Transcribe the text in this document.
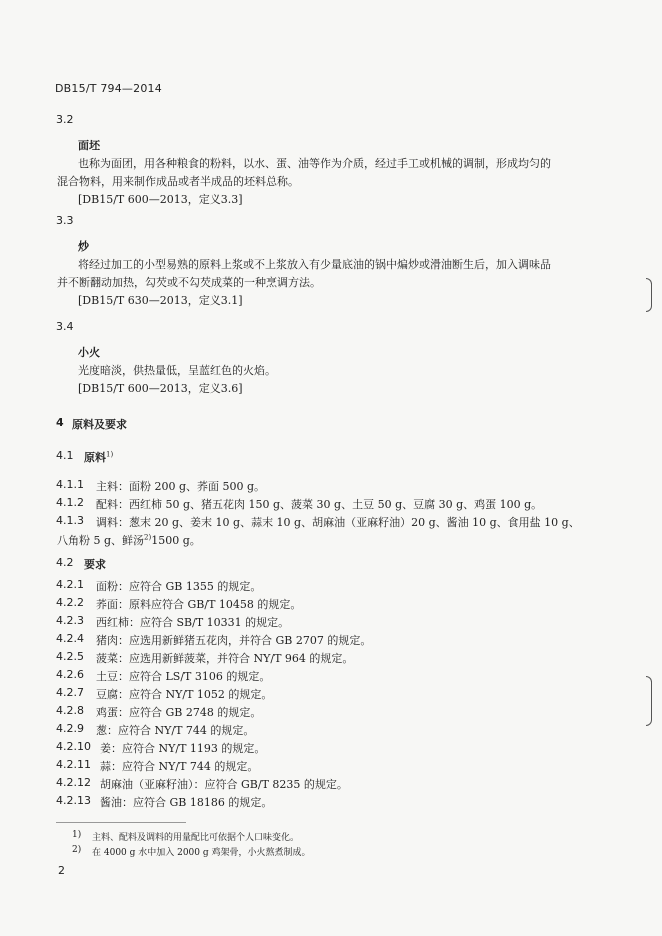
DB15/T 794—2014
3.2
面坯
也称为面团，用各种粮食的粉料，以水、蛋、油等作为介质，经过手工或机械的调制，形成均匀的
混合物料，用来制作成品或者半成品的坯料总称。
[DB15/T 600—2013，定义3.3]
3.3
炒
将经过加工的小型易熟的原料上浆或不上浆放入有少量底油的锅中煸炒或滑油断生后，加入调味品
并不断翻动加热，勾芡或不勾芡成菜的一种烹调方法。
[DB15/T 630—2013，定义3.1]
3.4
小火
光度暗淡，供热量低，呈蓝红色的火焰。
[DB15/T 600—2013，定义3.6]
4 原料及要求
4.1 原料$^{1)}$
4.1.1 主料：面粉 200 g、荞面 500 g。
4.1.2 配料：西红柿 50 g、猪五花肉 150 g、菠菜 30 g、土豆 50 g、豆腐 30 g、鸡蛋 100 g。
4.1.3 调料：葱末 20 g、姜末 10 g、蒜末 10 g、胡麻油（亚麻籽油）20 g、酱油 10 g、食用盐 10 g、
八角粉 5 g、鲜汤$^{2)}$1500 g。
4.2 要求
4.2.1 面粉：应符合 GB 1355 的规定。
4.2.2 荞面：原料应符合 GB/T 10458 的规定。
4.2.3 西红柿：应符合 SB/T 10331 的规定。
4.2.4 猪肉：应选用新鲜猪五花肉，并符合 GB 2707 的规定。
4.2.5 菠菜：应选用新鲜菠菜，并符合 NY/T 964 的规定。
4.2.6 土豆：应符合 LS/T 3106 的规定。
4.2.7 豆腐：应符合 NY/T 1052 的规定。
4.2.8 鸡蛋：应符合 GB 2748 的规定。
4.2.9 葱：应符合 NY/T 744 的规定。
4.2.10 姜：应符合 NY/T 1193 的规定。
4.2.11 蒜：应符合 NY/T 744 的规定。
4.2.12 胡麻油（亚麻籽油）：应符合 GB/T 8235 的规定。
4.2.13 酱油：应符合 GB 18186 的规定。
1) 主料、配料及调料的用量配比可依据个人口味变化。
2) 在 4000 g 水中加入 2000 g 鸡架骨，小火熬煮制成。
2
